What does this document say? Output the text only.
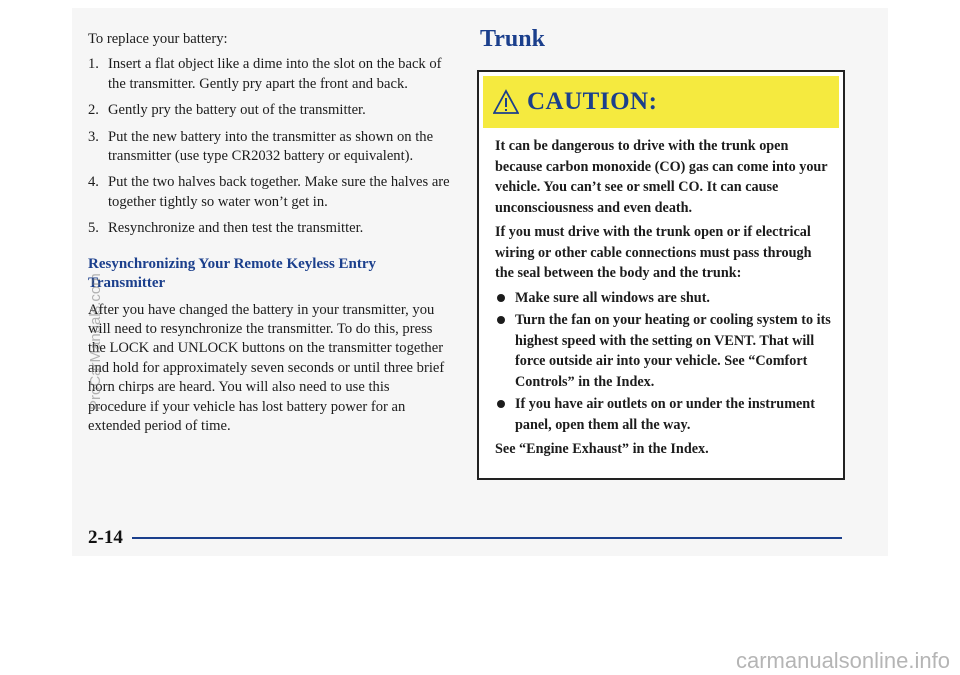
To replace your battery:

1. Insert a flat object like a dime into the slot on the back of the transmitter. Gently pry apart the front and back.
2. Gently pry the battery out of the transmitter.
3. Put the new battery into the transmitter as shown on the transmitter (use type CR2032 battery or equivalent).
4. Put the two halves back together. Make sure the halves are together tightly so water won’t get in.
5. Resynchronize and then test the transmitter.
Resynchronizing Your Remote Keyless Entry Transmitter

After you have changed the battery in your transmitter, you will need to resynchronize the transmitter. To do this, press the LOCK and UNLOCK buttons on the transmitter together and hold for approximately seven seconds or until three brief horn chirps are heard. You will also need to use this procedure if your vehicle has lost battery power for an extended period of time.

Trunk
CAUTION:

It can be dangerous to drive with the trunk open because carbon monoxide (CO) gas can come into your vehicle. You can’t see or smell CO. It can cause unconsciousness and even death.

If you must drive with the trunk open or if electrical wiring or other cable connections must pass through the seal between the body and the trunk:

Make sure all windows are shut.
Turn the fan on your heating or cooling system to its highest speed with the setting on VENT. That will force outside air into your vehicle. See “Comfort Controls” in the Index.
If you have air outlets on or under the instrument panel, open them all the way.

See “Engine Exhaust” in the Index.

2-14
ProCarManuals.com
carmanualsonline.info
